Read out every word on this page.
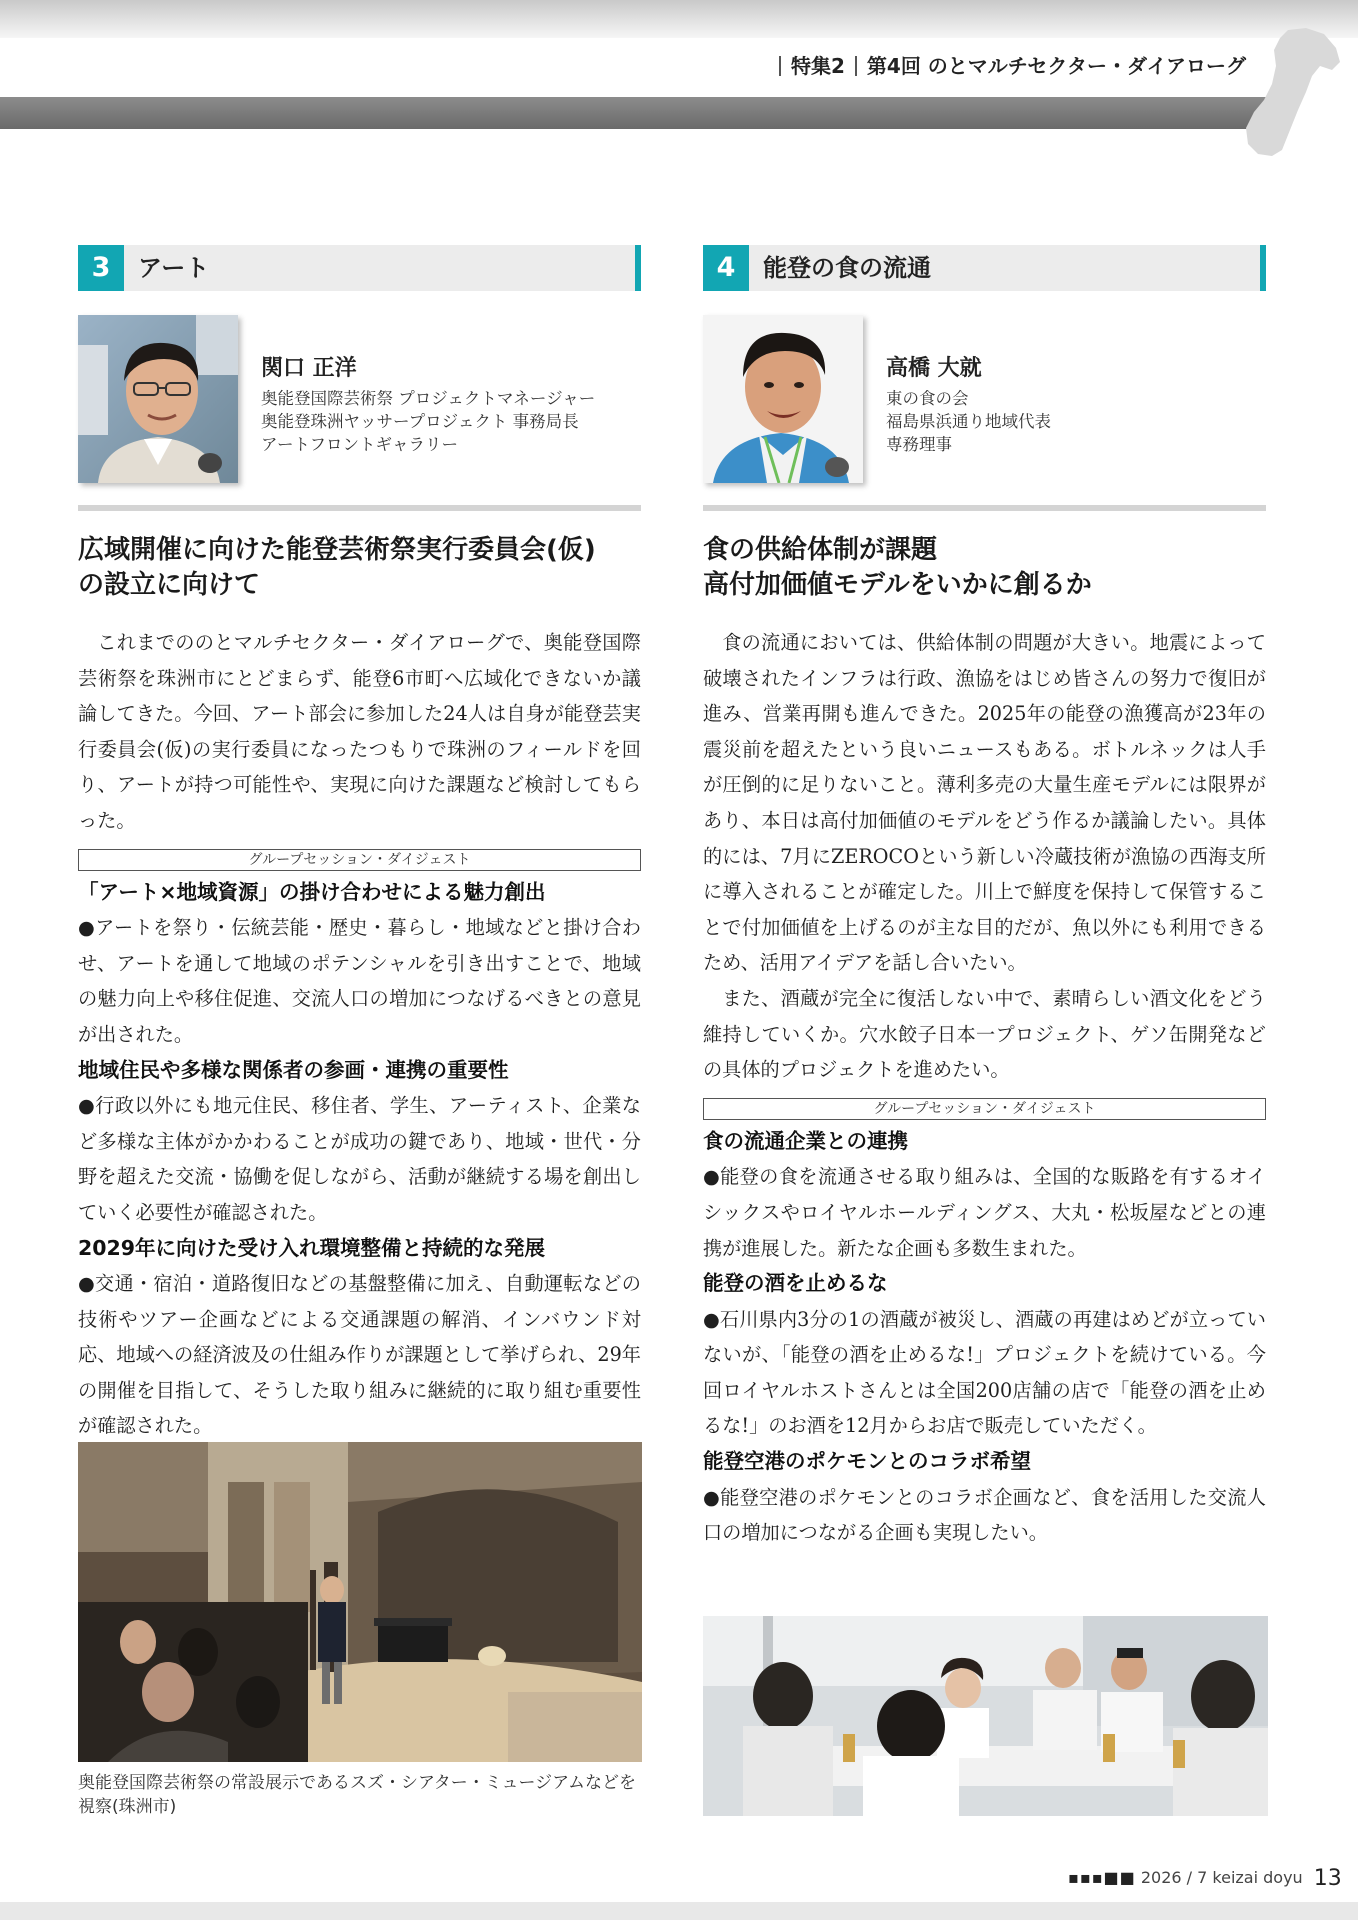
特集2 第4回 のとマルチセクター・ダイアローグ
3	アート
関口 正洋
奥能登国際芸術祭 プロジェクトマネージャー
奥能登珠洲ヤッサープロジェクト 事務局長
アートフロントギャラリー
広域開催に向けた能登芸術祭実行委員会(仮)
の設立に向けて

これまでののとマルチセクター・ダイアローグで、奥能登国際芸術祭を珠洲市にとどまらず、能登6市町へ広域化できないか議論してきた。今回、アート部会に参加した24人は自身が能登芸実行委員会(仮)の実行委員になったつもりで珠洲のフィールドを回り、アートが持つ可能性や、実現に向けた課題など検討してもらった。

グループセッション・ダイジェスト
「アート×地域資源」の掛け合わせによる魅力創出
●アートを祭り・伝統芸能・歴史・暮らし・地域などと掛け合わせ、アートを通して地域のポテンシャルを引き出すことで、地域の魅力向上や移住促進、交流人口の増加につなげるべきとの意見が出された。
地域住民や多様な関係者の参画・連携の重要性
●行政以外にも地元住民、移住者、学生、アーティスト、企業など多様な主体がかかわることが成功の鍵であり、地域・世代・分野を超えた交流・協働を促しながら、活動が継続する場を創出していく必要性が確認された。
2029年に向けた受け入れ環境整備と持続的な発展
●交通・宿泊・道路復旧などの基盤整備に加え、自動運転などの技術やツアー企画などによる交通課題の解消、インバウンド対応、地域への経済波及の仕組み作りが課題として挙げられ、29年の開催を目指して、そうした取り組みに継続的に取り組む重要性が確認された。
奥能登国際芸術祭の常設展示であるスズ・シアター・ミュージアムなどを視察(珠洲市)
4	能登の食の流通
高橋 大就
東の食の会
福島県浜通り地域代表
専務理事
食の供給体制が課題
高付加価値モデルをいかに創るか

食の流通においては、供給体制の問題が大きい。地震によって破壊されたインフラは行政、漁協をはじめ皆さんの努力で復旧が進み、営業再開も進んできた。2025年の能登の漁獲高が23年の震災前を超えたという良いニュースもある。ボトルネックは人手が圧倒的に足りないこと。薄利多売の大量生産モデルには限界があり、本日は高付加価値のモデルをどう作るか議論したい。具体的には、7月にZEROCOという新しい冷蔵技術が漁協の西海支所に導入されることが確定した。川上で鮮度を保持して保管することで付加価値を上げるのが主な目的だが、魚以外にも利用できるため、活用アイデアを話し合いたい。

また、酒蔵が完全に復活しない中で、素晴らしい酒文化をどう維持していくか。穴水餃子日本一プロジェクト、ゲソ缶開発などの具体的プロジェクトを進めたい。

グループセッション・ダイジェスト
食の流通企業との連携
●能登の食を流通させる取り組みは、全国的な販路を有するオイシックスやロイヤルホールディングス、大丸・松坂屋などとの連携が進展した。新たな企画も多数生まれた。
能登の酒を止めるな
●石川県内3分の1の酒蔵が被災し、酒蔵の再建はめどが立っていないが、「能登の酒を止めるな!」プロジェクトを続けている。今回ロイヤルホストさんとは全国200店舗の店で「能登の酒を止めるな!」のお酒を12月からお店で販売していただく。
能登空港のポケモンとのコラボ希望
●能登空港のポケモンとのコラボ企画など、食を活用した交流人口の増加につながる企画も実現したい。
▪▪▪■■ 2026 / 7 keizai doyu 13
